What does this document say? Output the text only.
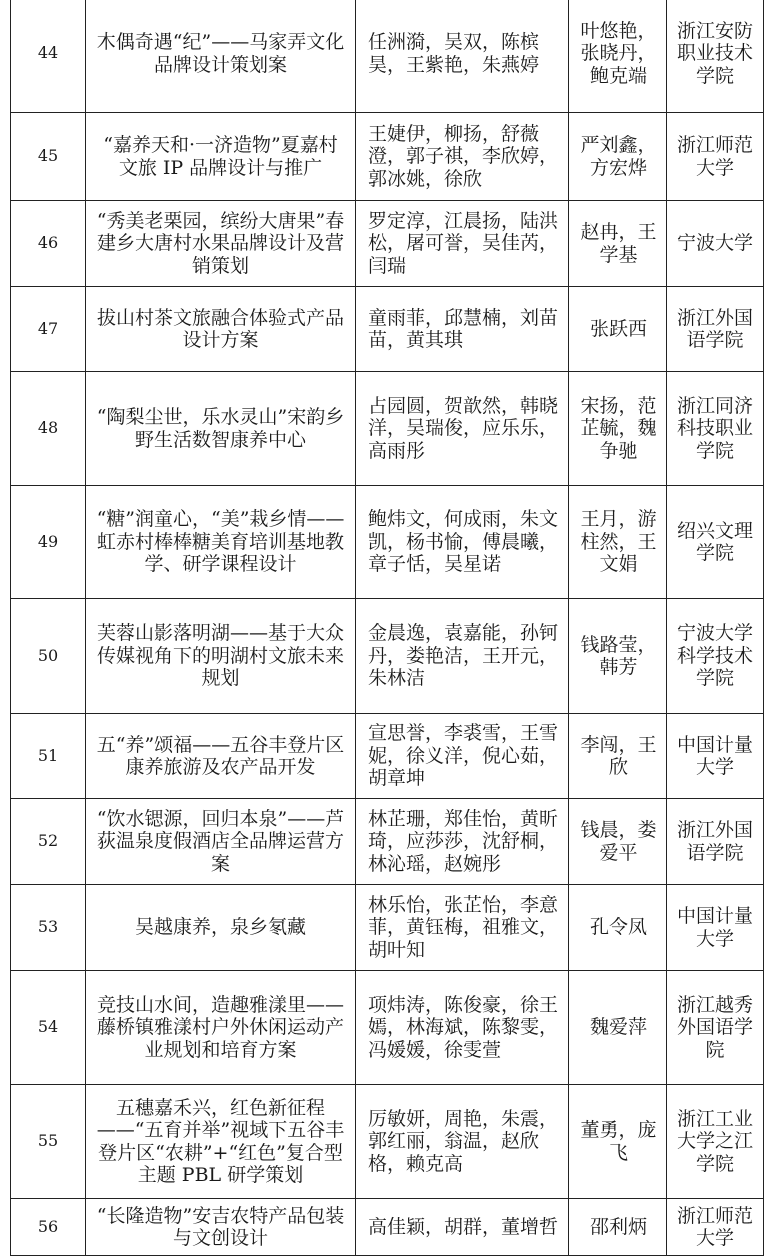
44	木偶奇遇“纪”——马家弄文化品牌设计策划案	任洲漪，吴双，陈槟昊，王紫艳，朱燕婷	叶悠艳，张晓丹，鲍克端	浙江安防职业技术学院
45	“嘉养天和·一济造物”夏嘉村文旅 IP 品牌设计与推广	王婕伊，柳扬，舒薇澄，郭子祺，李欣婷，郭冰姚，徐欣	严刘鑫，方宏烨	浙江师范大学
46	“秀美老栗园，缤纷大唐果”春建乡大唐村水果品牌设计及营销策划	罗定淳，江晨扬，陆洪松，屠可誉，吴佳芮，闫瑞	赵冉，王学基	宁波大学
47	拔山村茶文旅融合体验式产品设计方案	童雨菲，邱慧楠，刘苗苗，黄其琪	张跃西	浙江外国语学院
48	“陶梨尘世，乐水灵山”宋韵乡野生活数智康养中心	占园圆，贺歆然，韩晓洋，吴瑞俊，应乐乐，高雨彤	宋扬，范芷毓，魏争驰	浙江同济科技职业学院
49	“糖”润童心，“美”栽乡情——虹赤村棒棒糖美育培训基地教学、研学课程设计	鲍炜文，何成雨，朱文凯，杨书愉，傅晨曦，章子恬，吴星诺	王月，游柱然，王文娟	绍兴文理学院
50	芙蓉山影落明湖——基于大众传媒视角下的明湖村文旅未来规划	金晨逸，袁嘉能，孙钶丹，娄艳洁，王开元，朱林洁	钱路莹，韩芳	宁波大学科学技术学院
51	五“养”颂福——五谷丰登片区康养旅游及农产品开发	宣思誉，李裘雪，王雪妮，徐义洋，倪心茹，胡章坤	李闯，王欣	中国计量大学
52	“饮水锶源，回归本泉”——芦荻温泉度假酒店全品牌运营方案	林芷珊，郑佳怡，黄昕琦，应莎莎，沈舒桐，林沁瑶，赵婉彤	钱晨，娄爱平	浙江外国语学院
53	吴越康养，泉乡氡藏	林乐怡，张芷怡，李意菲，黄钰梅，祖雅文，胡叶知	孔令凤	中国计量大学
54	竞技山水间，造趣雅漾里——藤桥镇雅漾村户外休闲运动产业规划和培育方案	项炜涛，陈俊豪，徐王嫣，林海斌，陈黎雯，冯媛媛，徐雯萱	魏爱萍	浙江越秀外国语学院
55	五穗嘉禾兴，红色新征程——“五育并举”视域下五谷丰登片区“农耕”+“红色”复合型主题 PBL 研学策划	厉敏妍，周艳，朱震，郭红丽，翁温，赵欣格，赖克高	董勇，庞飞	浙江工业大学之江学院
56	“长隆造物”安吉农特产品包装与文创设计	高佳颖，胡群，董增哲	邵利炳	浙江师范大学
